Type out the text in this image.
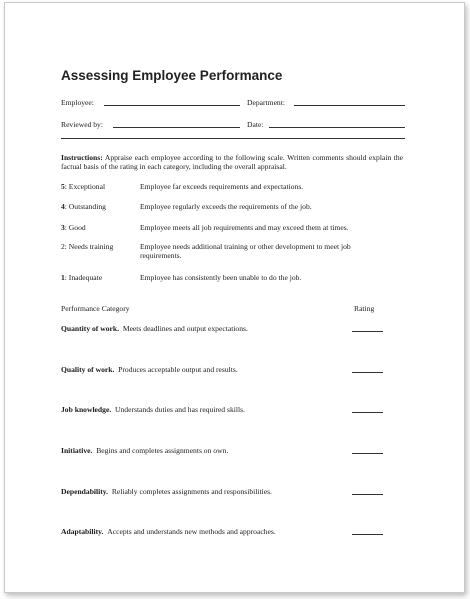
Assessing Employee Performance
Employee:	Department:
Reviewed by:	Date:
Instructions: Appraise each employee according to the following scale. Written comments should explain the factual basis of the rating in each category, including the overall appraisal.
5: Exceptional	Employee far exceeds requirements and expectations.
4: Outstanding	Employee regularly exceeds the requirements of the job.
3: Good	Employee meets all job requirements and may exceed them at times.
2: Needs training	Employee needs additional training or other development to meet job requirements.
1: Inadequate	Employee has consistently been unable to do the job.
Performance Category	Rating
Quantity of work. Meets deadlines and output expectations.
Quality of work. Produces acceptable output and results.
Job knowledge. Understands duties and has required skills.
Initiative. Begins and completes assignments on own.
Dependability. Reliably completes assignments and responsibilities.
Adaptability. Accepts and understands new methods and approaches.
